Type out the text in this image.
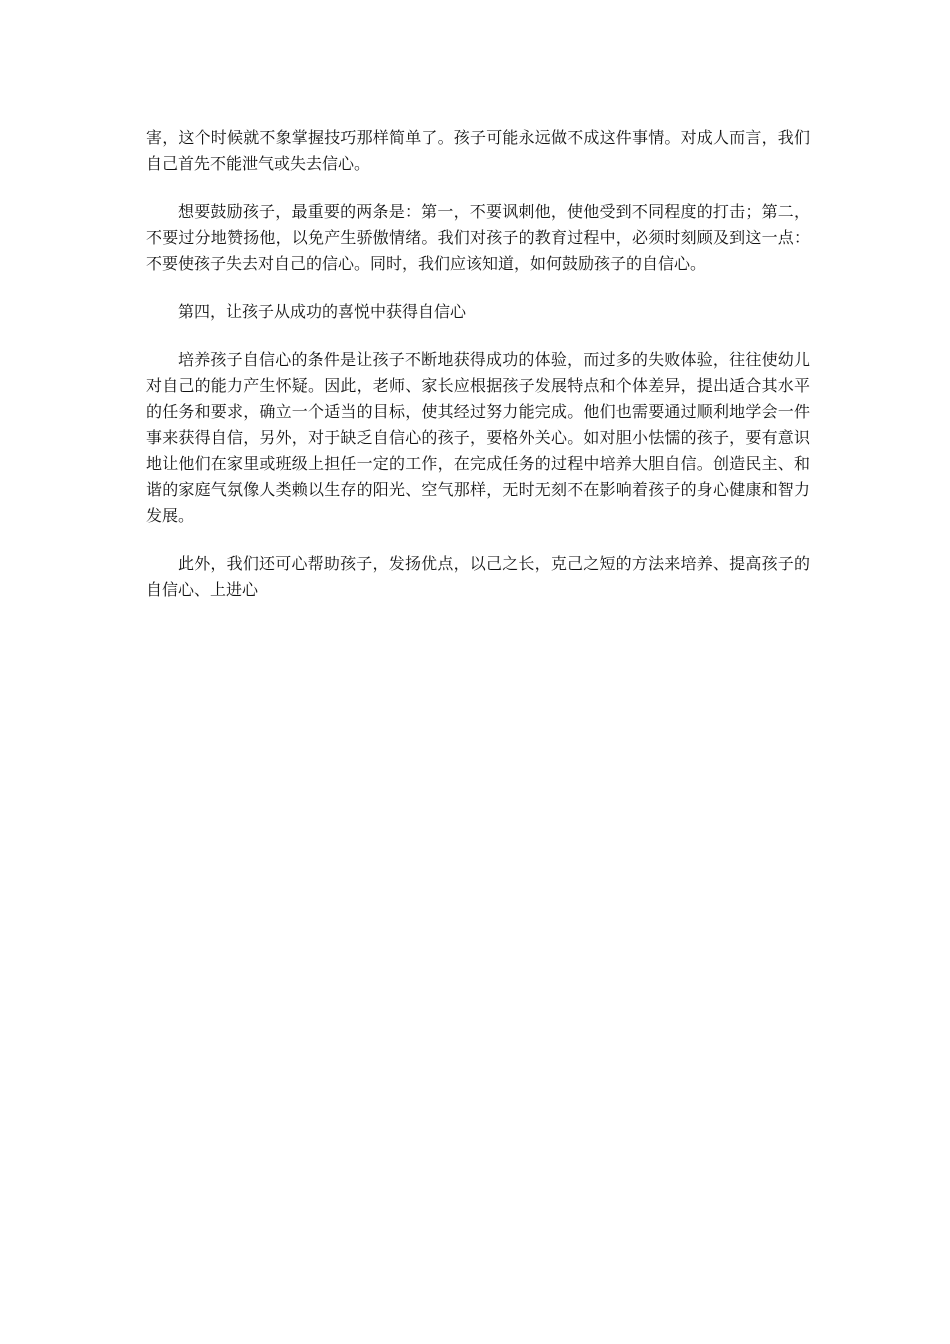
害，这个时候就不象掌握技巧那样简单了。孩子可能永远做不成这件事情。对成人而言，我们自己首先不能泄气或失去信心。

想要鼓励孩子，最重要的两条是：第一，不要讽刺他，使他受到不同程度的打击；第二，不要过分地赞扬他，以免产生骄傲情绪。我们对孩子的教育过程中，必须时刻顾及到这一点：不要使孩子失去对自己的信心。同时，我们应该知道，如何鼓励孩子的自信心。

第四，让孩子从成功的喜悦中获得自信心

培养孩子自信心的条件是让孩子不断地获得成功的体验，而过多的失败体验，往往使幼儿对自己的能力产生怀疑。因此，老师、家长应根据孩子发展特点和个体差异，提出适合其水平的任务和要求，确立一个适当的目标，使其经过努力能完成。他们也需要通过顺利地学会一件事来获得自信，另外，对于缺乏自信心的孩子，要格外关心。如对胆小怯懦的孩子，要有意识地让他们在家里或班级上担任一定的工作，在完成任务的过程中培养大胆自信。创造民主、和谐的家庭气氛像人类赖以生存的阳光、空气那样，无时无刻不在影响着孩子的身心健康和智力发展。

此外，我们还可心帮助孩子，发扬优点，以己之长，克己之短的方法来培养、提高孩子的自信心、上进心
